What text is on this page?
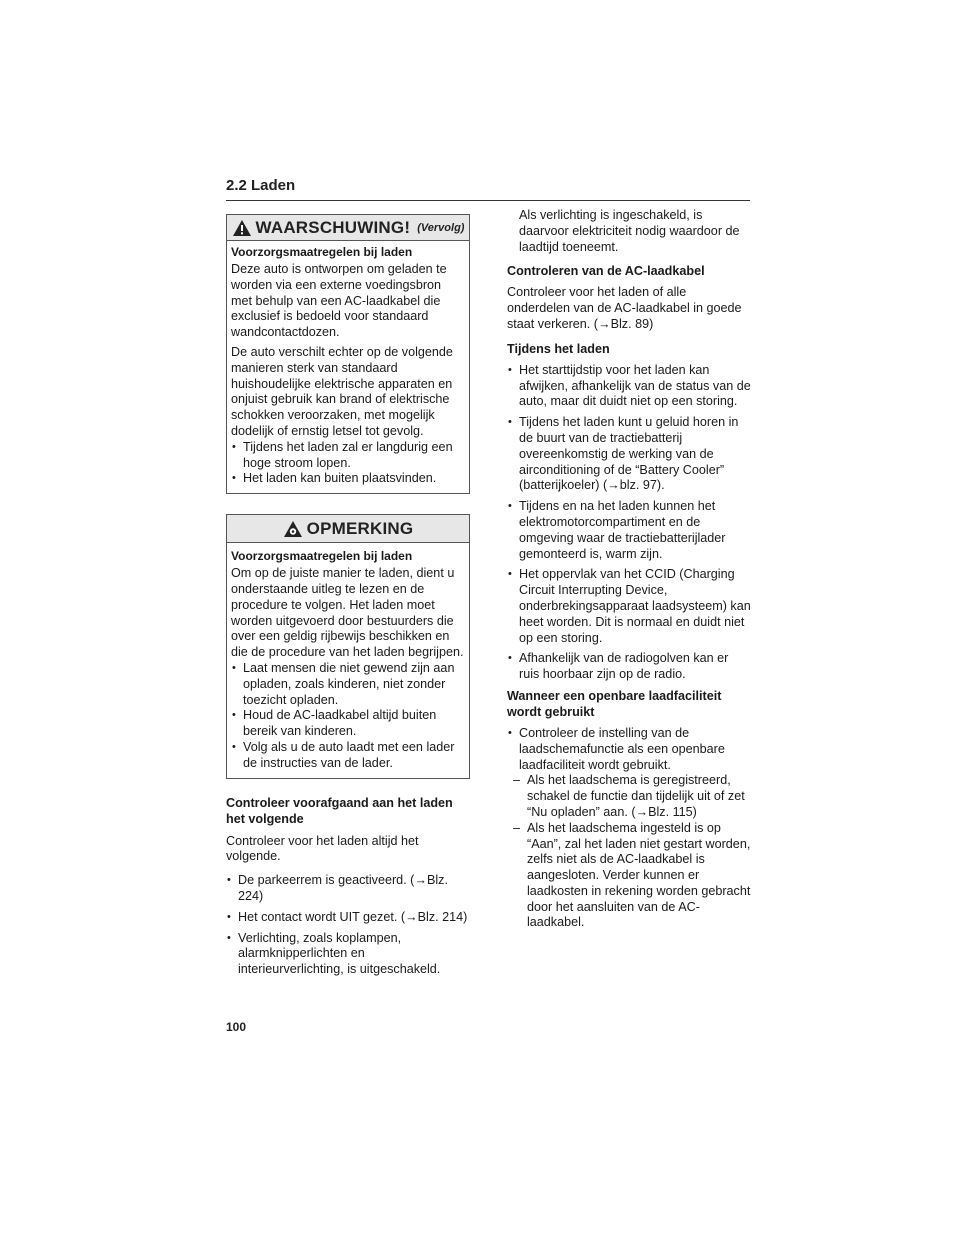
2.2 Laden
WAARSCHUWING! (Vervolg)
Voorzorgsmaatregelen bij laden

Deze auto is ontworpen om geladen te worden via een externe voedingsbron met behulp van een AC-laadkabel die exclusief is bedoeld voor standaard wandcontactdozen.

De auto verschilt echter op de volgende manieren sterk van standaard huishoudelijke elektrische apparaten en onjuist gebruik kan brand of elektrische schokken veroorzaken, met mogelijk dodelijk of ernstig letsel tot gevolg.

• Tijdens het laden zal er langdurig een hoge stroom lopen.
• Het laden kan buiten plaatsvinden.
OPMERKING
Voorzorgsmaatregelen bij laden

Om op de juiste manier te laden, dient u onderstaande uitleg te lezen en de procedure te volgen. Het laden moet worden uitgevoerd door bestuurders die over een geldig rijbewijs beschikken en die de procedure van het laden begrijpen.

• Laat mensen die niet gewend zijn aan opladen, zoals kinderen, niet zonder toezicht opladen.
• Houd de AC-laadkabel altijd buiten bereik van kinderen.
• Volg als u de auto laadt met een lader de instructies van de lader.
Controleer voorafgaand aan het laden het volgende

Controleer voor het laden altijd het volgende.

• De parkeerrem is geactiveerd. (→Blz. 224)
• Het contact wordt UIT gezet. (→Blz. 214)
• Verlichting, zoals koplampen, alarmknipperlichten en interieurverlichting, is uitgeschakeld.

Als verlichting is ingeschakeld, is daarvoor elektriciteit nodig waardoor de laadtijd toeneemt.

Controleren van de AC-laadkabel

Controleer voor het laden of alle onderdelen van de AC-laadkabel in goede staat verkeren. (→Blz. 89)

Tijdens het laden
• Het starttijdstip voor het laden kan afwijken, afhankelijk van de status van de auto, maar dit duidt niet op een storing.
• Tijdens het laden kunt u geluid horen in de buurt van de tractiebatterij overeenkomstig de werking van de airconditioning of de “Battery Cooler” (batterijkoeler) (→blz. 97).
• Tijdens en na het laden kunnen het elektromotorcompartiment en de omgeving waar de tractiebatterijlader gemonteerd is, warm zijn.
• Het oppervlak van het CCID (Charging Circuit Interrupting Device, onderbrekingsapparaat laadsysteem) kan heet worden. Dit is normaal en duidt niet op een storing.
• Afhankelijk van de radiogolven kan er ruis hoorbaar zijn op de radio.
Wanneer een openbare laadfaciliteit wordt gebruikt
• Controleer de instelling van de laadschemafunctie als een openbare laadfaciliteit wordt gebruikt.
– Als het laadschema is geregistreerd, schakel de functie dan tijdelijk uit of zet “Nu opladen” aan. (→Blz. 115)
– Als het laadschema ingesteld is op “Aan”, zal het laden niet gestart worden, zelfs niet als de AC-laadkabel is aangesloten. Verder kunnen er laadkosten in rekening worden gebracht door het aansluiten van de AC-laadkabel.
100
